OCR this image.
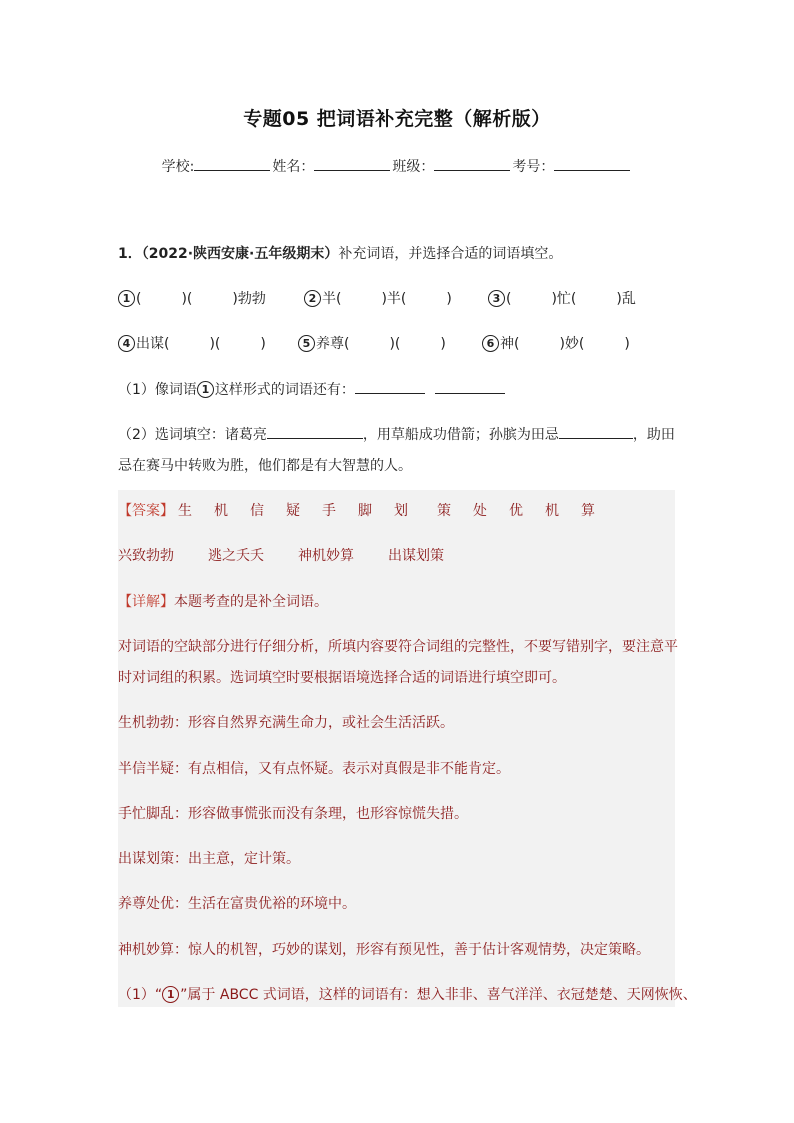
专题05 把词语补充完整（解析版）
学校:	姓名：	班级：	考号：
1．（2022·陕西安康·五年级期末）补充词语，并选择合适的词语填空。
1 (	)(	)勃勃	2 半(	)半(	)	3 (	)忙(	)乱
4 出谋(	)(	)	5 养尊(	)(	)	6 神(	)妙(	)
（1）像词语 1 这样形式的词语还有：
（2）选词填空：诸葛亮	，用草船成功借箭；孙膑为田忌	，助田
忌在赛马中转败为胜，他们都是有大智慧的人。
【答案】 生 机 信 疑 手 脚 划 策 处 优 机 算
兴致勃勃 逃之夭夭 神机妙算 出谋划策
【详解】本题考查的是补全词语。
对词语的空缺部分进行仔细分析，所填内容要符合词组的完整性，不要写错别字，要注意平
时对词组的积累。选词填空时要根据语境选择合适的词语进行填空即可。
生机勃勃：形容自然界充满生命力，或社会生活活跃。
半信半疑：有点相信，又有点怀疑。表示对真假是非不能肯定。
手忙脚乱：形容做事慌张而没有条理，也形容惊慌失措。
出谋划策：出主意，定计策。
养尊处优：生活在富贵优裕的环境中。
神机妙算：惊人的机智，巧妙的谋划，形容有预见性，善于估计客观情势，决定策略。
（1）“ 1 ”属于 ABCC 式词语，这样的词语有：想入非非、喜气洋洋、衣冠楚楚、天网恢恢、
